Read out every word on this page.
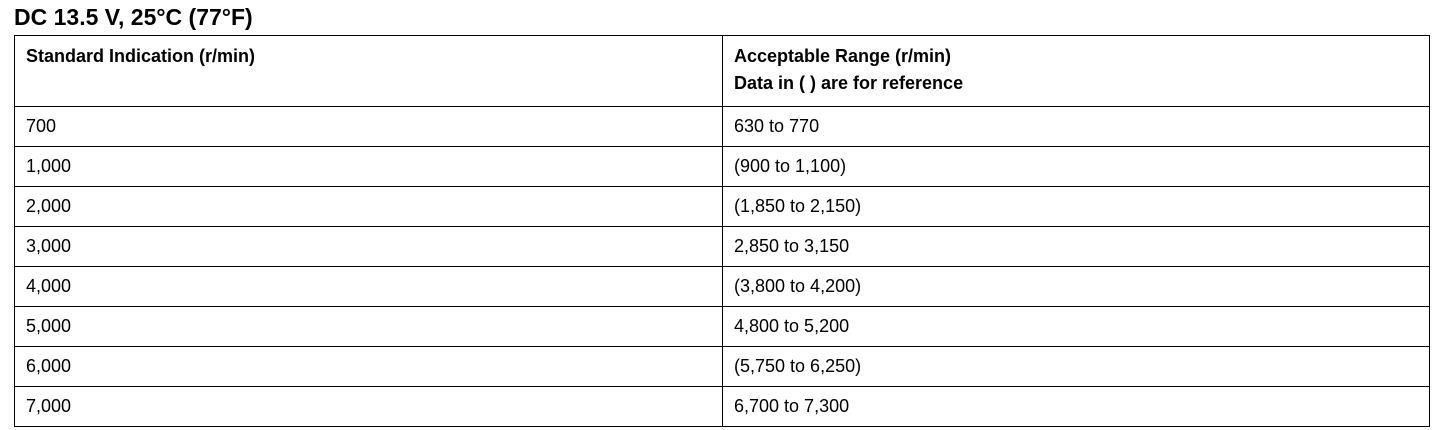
DC 13.5 V, 25°C (77°F)
Standard Indication (r/min)	Acceptable Range (r/min)
Data in ( ) are for reference

700	630 to 770
1,000	(900 to 1,100)
2,000	(1,850 to 2,150)
3,000	2,850 to 3,150
4,000	(3,800 to 4,200)
5,000	4,800 to 5,200
6,000	(5,750 to 6,250)
7,000	6,700 to 7,300
